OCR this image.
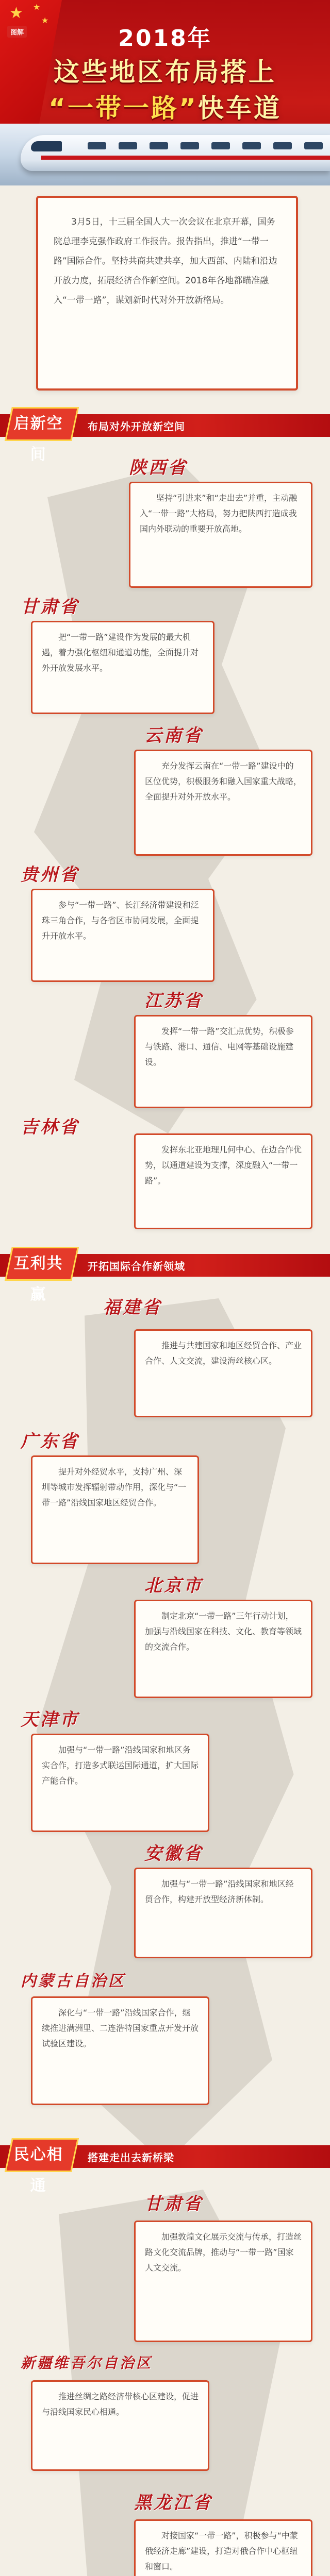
★ ★
★
图解	2018年
这些地区布局搭上
“一带一路”快车道

3月5日，十三届全国人大一次会议在北京开幕，国务院总理李克强作政府工作报告。报告指出，推进“一带一路”国际合作。坚持共商共建共享，加大西部、内陆和沿边开放力度，拓展经济合作新空间。2018年各地都瞄准融入“一带一路”，谋划新时代对外开放新格局。

启新空间
布局对外开放新空间
陕西省

坚持“引进来”和“走出去”并重，主动融入“一带一路”大格局，努力把陕西打造成我国内外联动的重要开放高地。

甘肃省

把“一带一路”建设作为发展的最大机遇，着力强化枢纽和通道功能，全面提升对外开放发展水平。

云南省

充分发挥云南在“一带一路”建设中的区位优势，积极服务和融入国家重大战略，全面提升对外开放水平。

贵州省

参与“一带一路”、长江经济带建设和泛珠三角合作，与各省区市协同发展，全面提升开放水平。

江苏省

发挥“一带一路”交汇点优势，积极参与铁路、港口、通信、电网等基础设施建设。

吉林省

发挥东北亚地理几何中心、在边合作优势，以通道建设为支撑，深度融入“一带一路”。

互利共赢
开拓国际合作新领域
福建省

推进与共建国家和地区经贸合作、产业合作、人文交流，建设海丝核心区。

广东省

提升对外经贸水平，支持广州、深圳等城市发挥辐射带动作用，深化与“一带一路”沿线国家地区经贸合作。

北京市

制定北京“一带一路”三年行动计划，加强与沿线国家在科技、文化、教育等领域的交流合作。

天津市

加强与“一带一路”沿线国家和地区务实合作，打造多式联运国际通道，扩大国际产能合作。

安徽省

加强与“一带一路”沿线国家和地区经贸合作，构建开放型经济新体制。

内蒙古自治区

深化与“一带一路”沿线国家合作，继续推进满洲里、二连浩特国家重点开发开放试验区建设。

民心相通
搭建走出去新桥梁
甘肃省

加强敦煌文化展示交流与传承，打造丝路文化交流品牌，推动与“一带一路”国家人文交流。

新疆维吾尔自治区

推进丝绸之路经济带核心区建设，促进与沿线国家民心相通。

黑龙江省

对接国家“一带一路”，积极参与“中蒙俄经济走廊”建设，打造对俄合作中心枢纽和窗口。
